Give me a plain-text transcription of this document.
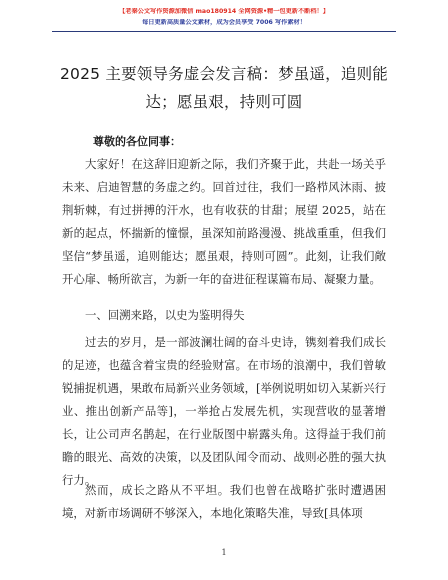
【老秦公文写作资源加微信 mao180914 全网资源•精一包更新不断档！】
每日更新高质量公文素材，成为会员享受 7006 写作素材！
2025 主要领导务虚会发言稿：梦虽遥，追则能达；愿虽艰，持则可圆
尊敬的各位同事：

大家好！在这辞旧迎新之际，我们齐聚于此，共赴一场关乎未来、启迪智慧的务虚之约。回首过往，我们一路栉风沐雨、披荆斩棘，有过拼搏的汗水，也有收获的甘甜；展望 2025，站在新的起点，怀揣新的憧憬，虽深知前路漫漫、挑战重重，但我们坚信“梦虽遥，追则能达；愿虽艰，持则可圆”。此刻，让我们敞开心扉、畅所欲言，为新一年的奋进征程谋篇布局、凝聚力量。

一、回溯来路，以史为鉴明得失

过去的岁月，是一部波澜壮阔的奋斗史诗，镌刻着我们成长的足迹，也蕴含着宝贵的经验财富。在市场的浪潮中，我们曾敏锐捕捉机遇，果敢布局新兴业务领域，[举例说明如切入某新兴行业、推出创新产品等]，一举抢占发展先机，实现营收的显著增长，让公司声名鹊起，在行业版图中崭露头角。这得益于我们前瞻的眼光、高效的决策，以及团队闻令而动、战则必胜的强大执行力。

然而，成长之路从不平坦。我们也曾在战略扩张时遭遇困境，对新市场调研不够深入，本地化策略失准，导致[具体项

1
